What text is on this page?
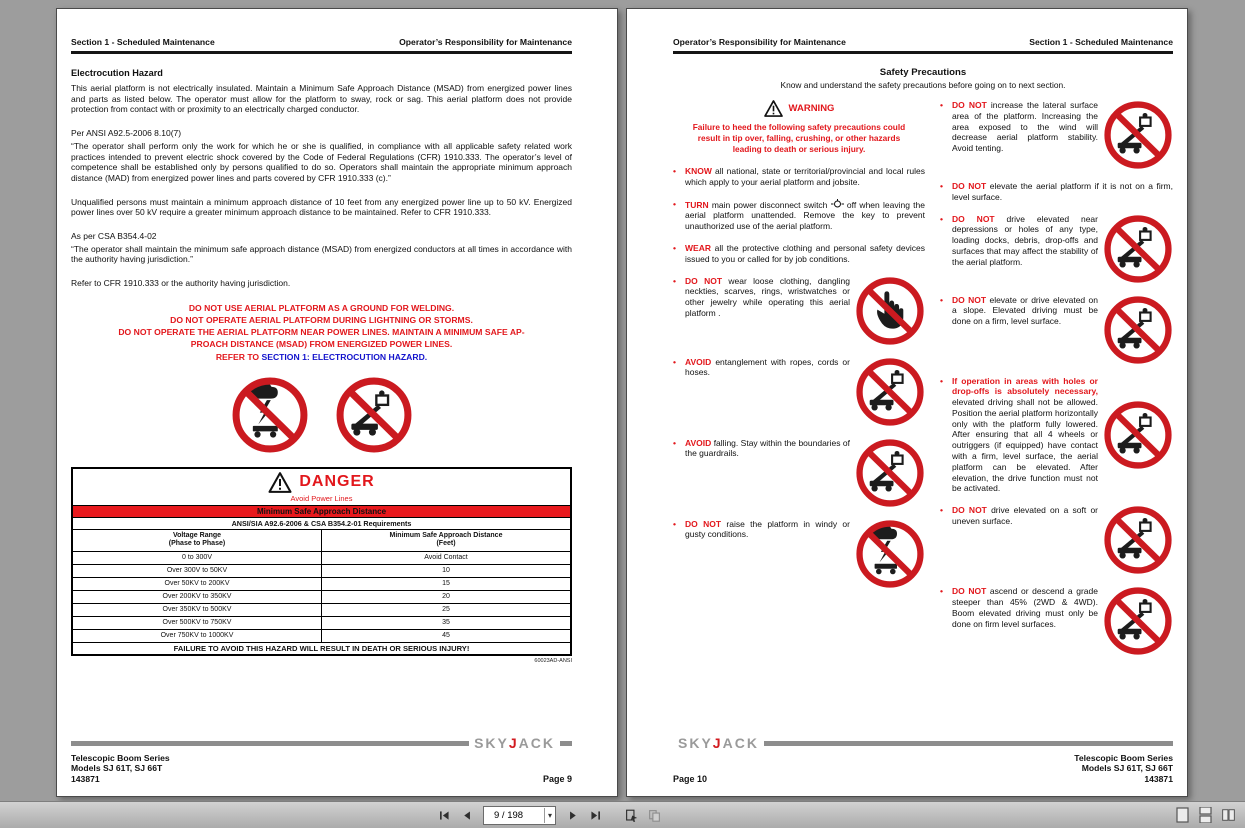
Section 1 - Scheduled Maintenance	Operator’s Responsibility for Maintenance
Electrocution Hazard
This aerial platform is not electrically insulated. Maintain a Minimum Safe Approach Distance (MSAD) from energized power lines and parts as listed below. The operator must allow for the platform to sway, rock or sag. This aerial platform does not provide protection from contact with or proximity to an electrically charged conductor.
Per ANSI A92.5-2006 8.10(7)
“The operator shall perform only the work for which he or she is qualified, in compliance with all applicable safety related work practices intended to prevent electric shock covered by the Code of Federal Regulations (CFR) 1910.333. The operator’s level of competence shall be established only by persons qualified to do so. Operators shall maintain the appropriate minimum approach distance (MAD) from energized power lines and parts covered by CFR 1910.333 (c).”
Unqualified persons must maintain a minimum approach distance of 10 feet from any energized power line up to 50 kV. Energized power lines over 50 kV require a greater minimum approach distance to be maintained. Refer to CFR 1910.333.
As per CSA B354.4-02
“The operator shall maintain the minimum safe approach distance (MSAD) from energized conductors at all times in accordance with the authority having jurisdiction.”
Refer to CFR 1910.333 or the authority having jurisdiction.
DO NOT USE AERIAL PLATFORM AS A GROUND FOR WELDING.
DO NOT OPERATE AERIAL PLATFORM DURING LIGHTNING OR STORMS.
DO NOT OPERATE THE AERIAL PLATFORM NEAR POWER LINES. MAINTAIN A MINIMUM SAFE AP-
PROACH DISTANCE (MSAD) FROM ENERGIZED POWER LINES.
REFER TO SECTION 1: ELECTROCUTION HAZARD.
DANGER
Avoid Power Lines	

Minimum Safe Approach Distance	
ANSI/SIA A92.6-2006 & CSA B354.2-01 Requirements	

Voltage Range
(Phase to Phase)

Minimum Safe Approach Distance
(Feet)

0 to 300V	Avoid Contact
Over 300V to 50KV	10
Over 50KV to 200KV	15
Over 200KV to 350KV	20
Over 350KV to 500KV	25
Over 500KV to 750KV	35
Over 750KV to 1000KV	45
FAILURE TO AVOID THIS HAZARD WILL RESULT IN DEATH OR SERIOUS INJURY!	
60023AD-ANSI
SKYJACK
Telescopic Boom Series
Models SJ 61T, SJ 66T
143871	Page 9
Operator’s Responsibility for Maintenance	Section 1 - Scheduled Maintenance
Safety Precautions
Know and understand the safety precautions before going on to next section.
WARNING
Failure to heed the following safety precautions could result in tip over, falling, crushing, or other hazards leading to death or serious injury.
•	KNOW all national, state or territorial/provincial and local rules which apply to your aerial platform and jobsite.
•	TURN main power disconnect switch  off when leaving the aerial platform unattended. Remove the key to prevent unauthorized use of the aerial platform.
•	WEAR all the protective clothing and personal safety devices issued to you or called for by job conditions.
•	DO NOT wear loose clothing, dangling neckties, scarves, rings, wristwatches or other jewelry while operating this aerial platform .
•	AVOID entanglement with ropes, cords or hoses.
•	AVOID falling. Stay within the boundaries of the guardrails.
•	DO NOT raise the platform in windy or gusty conditions.
•	DO NOT increase the lateral surface area of the platform. Increasing the area exposed to the wind will decrease aerial platform stability. Avoid tenting.
•	DO NOT elevate the aerial platform if it is not on a firm, level surface.
•	DO NOT drive elevated near depressions or holes of any type, loading docks, debris, drop-offs and surfaces that may affect the stability of the aerial platform.
•	DO NOT elevate or drive elevated on a slope. Elevated driving must be done on a firm, level surface.
•	If operation in areas with holes or drop-offs is absolutely necessary, elevated driving shall not be allowed. Position the aerial platform horizontally only with the platform fully lowered. After ensuring that all 4 wheels or outriggers (if equipped) have contact with a firm, level surface, the aerial platform can be elevated. After elevation, the drive function must not be activated.
•	DO NOT drive elevated on a soft or uneven surface.
•	DO NOT ascend or descend a grade steeper than 45% (2WD & 4WD). Boom elevated driving must only be done on firm level surfaces.
SKYJACK
Page 10
Telescopic Boom Series
Models SJ 61T, SJ 66T
143871
9 / 198	▾
